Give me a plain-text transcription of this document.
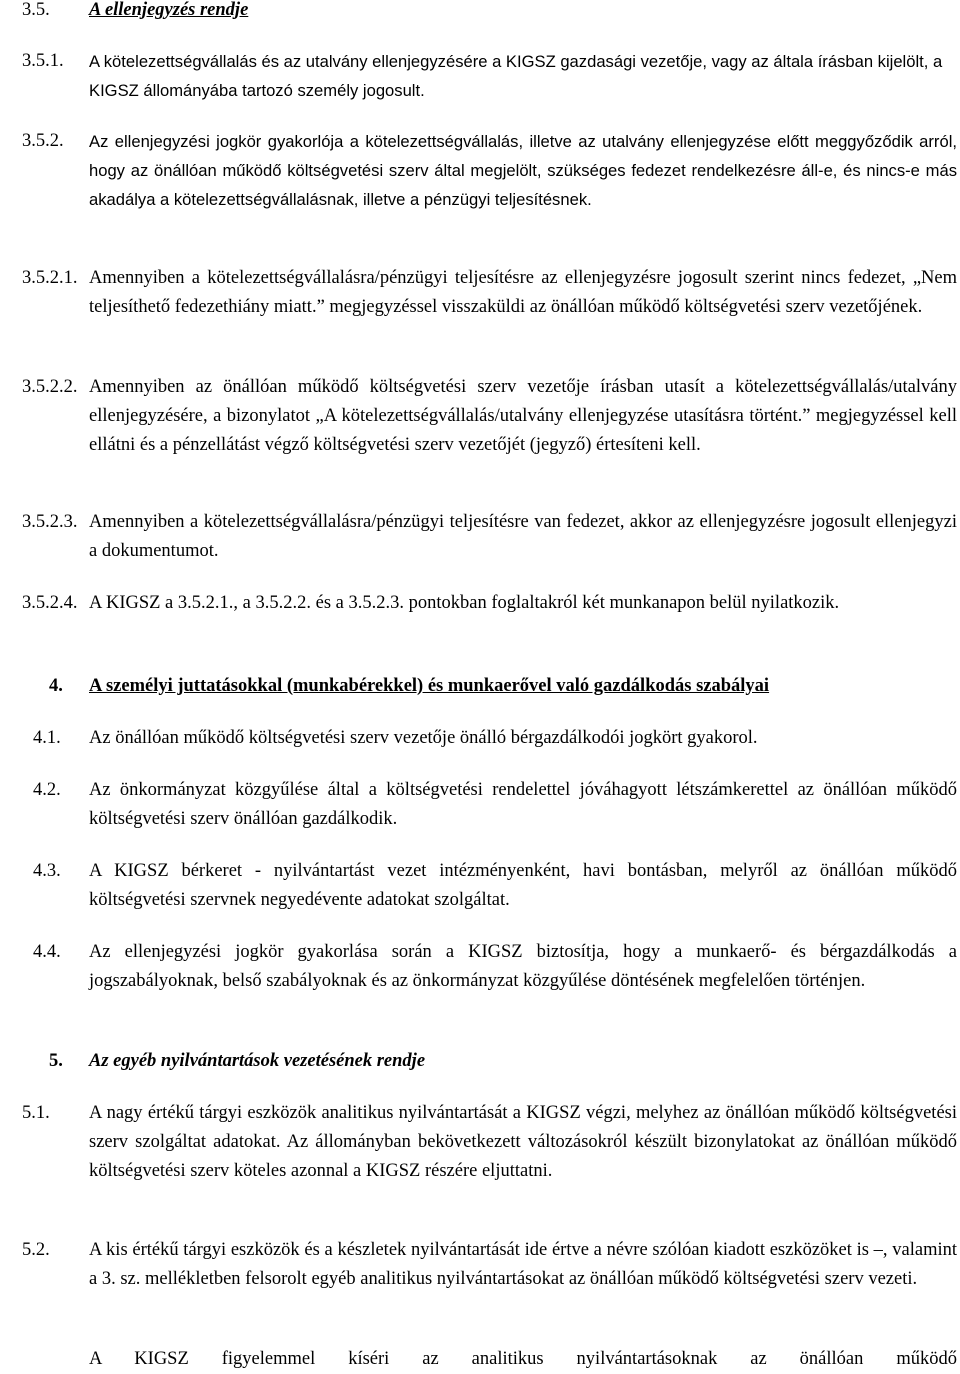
3.5. A ellenjegyzés rendje
3.5.1. A kötelezettségvállalás és az utalvány ellenjegyzésére a KIGSZ gazdasági vezetője, vagy az általa írásban kijelölt, a KIGSZ állományába tartozó személy jogosult.
3.5.2. Az ellenjegyzési jogkör gyakorlója a kötelezettségvállalás, illetve az utalvány ellenjegyzése előtt meggyőződik arról, hogy az önállóan működő költségvetési szerv által megjelölt, szükséges fedezet rendelkezésre áll-e, és nincs-e más akadálya a kötelezettségvállalásnak, illetve a pénzügyi teljesítésnek.
3.5.2.1. Amennyiben a kötelezettségvállalásra/pénzügyi teljesítésre az ellenjegyzésre jogosult szerint nincs fedezet, „Nem teljesíthető fedezethiány miatt.” megjegyzéssel visszaküldi az önállóan működő költségvetési szerv vezetőjének.
3.5.2.2. Amennyiben az önállóan működő költségvetési szerv vezetője írásban utasít a kötelezettségvállalás/utalvány ellenjegyzésére, a bizonylatot „A kötelezettségvállalás/utalvány ellenjegyzése utasításra történt.” megjegyzéssel kell ellátni és a pénzellátást végző költségvetési szerv vezetőjét (jegyző) értesíteni kell.
3.5.2.3. Amennyiben a kötelezettségvállalásra/pénzügyi teljesítésre van fedezet, akkor az ellenjegyzésre jogosult ellenjegyzi a dokumentumot.
3.5.2.4. A KIGSZ a 3.5.2.1., a 3.5.2.2. és a 3.5.2.3. pontokban foglaltakról két munkanapon belül nyilatkozik.
4. A személyi juttatásokkal (munkabérekkel) és munkaerővel való gazdálkodás szabályai
4.1. Az önállóan működő költségvetési szerv vezetője önálló bérgazdálkodói jogkört gyakorol.
4.2. Az önkormányzat közgyűlése által a költségvetési rendelettel jóváhagyott létszámkerettel az önállóan működő költségvetési szerv önállóan gazdálkodik.
4.3. A KIGSZ bérkeret - nyilvántartást vezet intézményenként, havi bontásban, melyről az önállóan működő költségvetési szervnek negyedévente adatokat szolgáltat.
4.4. Az ellenjegyzési jogkör gyakorlása során a KIGSZ biztosítja, hogy a munkaerő- és bérgazdálkodás a jogszabályoknak, belső szabályoknak és az önkormányzat közgyűlése döntésének megfelelően történjen.
5. Az egyéb nyilvántartások vezetésének rendje
5.1. A nagy értékű tárgyi eszközök analitikus nyilvántartását a KIGSZ végzi, melyhez az önállóan működő költségvetési szerv szolgáltat adatokat. Az állományban bekövetkezett változásokról készült bizonylatokat az önállóan működő költségvetési szerv köteles azonnal a KIGSZ részére eljuttatni.
5.2. A kis értékű tárgyi eszközök és a készletek nyilvántartását ide értve a névre szólóan kiadott eszközöket is –, valamint a 3. sz. mellékletben felsorolt egyéb analitikus nyilvántartásokat az önállóan működő költségvetési szerv vezeti.
A KIGSZ figyelemmel kíséri az analitikus nyilvántartásoknak az önállóan működő
